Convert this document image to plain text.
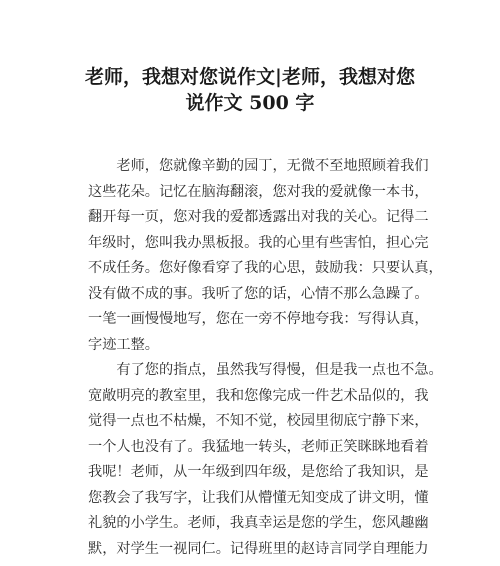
老师，我想对您说作文|老师，我想对您
说作文 500 字
　　老师，您就像辛勤的园丁，无微不至地照顾着我们
这些花朵。记忆在脑海翻滚，您对我的爱就像一本书，
翻开每一页，您对我的爱都透露出对我的关心。记得二
年级时，您叫我办黑板报。我的心里有些害怕，担心完
不成任务。您好像看穿了我的心思，鼓励我：只要认真，
没有做不成的事。我听了您的话，心情不那么急躁了。
一笔一画慢慢地写，您在一旁不停地夸我：写得认真，
字迹工整。
　　有了您的指点，虽然我写得慢，但是我一点也不急。
宽敞明亮的教室里，我和您像完成一件艺术品似的，我
觉得一点也不枯燥，不知不觉，校园里彻底宁静下来，
一个人也没有了。我猛地一转头，老师正笑眯眯地看着
我呢！老师，从一年级到四年级，是您给了我知识，是
您教会了我写字，让我们从懵懂无知变成了讲文明，懂
礼貌的小学生。老师，我真幸运是您的学生，您风趣幽
默，对学生一视同仁。记得班里的赵诗言同学自理能力
